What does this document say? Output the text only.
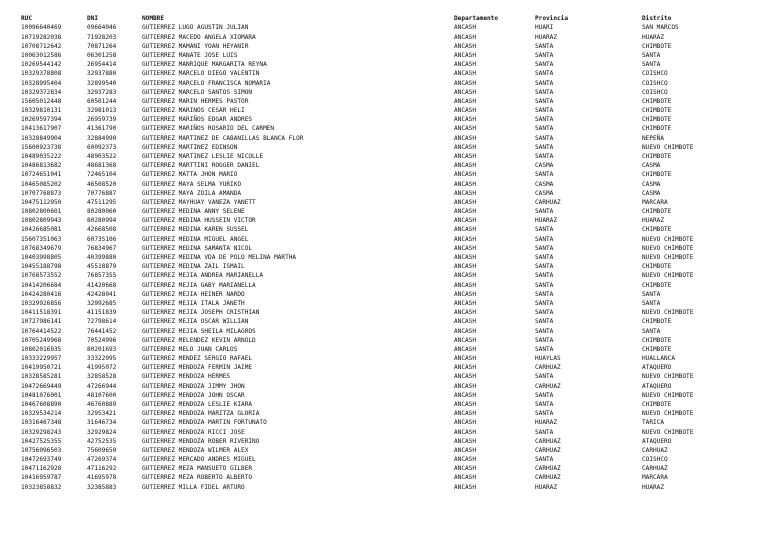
RUC	DNI	NOMBRE	Departamento	Provincia	Distrito
10096640469	09664046	GUTIERREZ LUGO AGUSTIN JULIAN	ANCASH	HUARI	SAN MARCOS
10719282038	71928203	GUTIERREZ MACEDO ANGELA XIOMARA	ANCASH	HUARAZ	HUARAZ
10708712642	70871264	GUTIERREZ MAMANI YOAN HEYANIR	ANCASH	SANTA	CHIMBOTE
10063012586	06301258	GUTIERREZ MANATE JOSE LUIS	ANCASH	SANTA	SANTA
10269544142	26954414	GUTIERREZ MANRIQUE MARGARITA REYNA	ANCASH	SANTA	SANTA
10329378808	32937880	GUTIERREZ MARCELO DIEGO VALENTIN	ANCASH	SANTA	COISHCO
10328995404	32899540	GUTIERREZ MARCELO FRANCISCA NOMARIA	ANCASH	SANTA	COISHCO
10329372834	32937283	GUTIERREZ MARCELO SANTOS SIMON	ANCASH	SANTA	COISHCO
15605012448	60501244	GUTIERREZ MARIN HERMES PASTOR	ANCASH	SANTA	CHIMBOTE
10329810131	32981013	GUTIERREZ MARINOS CESAR HELI	ANCASH	SANTA	CHIMBOTE
10269597394	26959739	GUTIERREZ MARIÑOS EDGAR ANDRES	ANCASH	SANTA	CHIMBOTE
10413617907	41361790	GUTIERREZ MARIÑOS ROSARIO DEL CARMEN	ANCASH	SANTA	CHIMBOTE
10328849904	32884990	GUTIERREZ MARTINEZ DE CABANILLAS BLANCA FLOR	ANCASH	SANTA	NEPEÑA
15600923738	60092373	GUTIERREZ MARTINEZ EDINSON	ANCASH	SANTA	NUEVO CHIMBOTE
10489035222	48903522	GUTIERREZ MARTINEZ LESLIE NICOLLE	ANCASH	SANTA	CHIMBOTE
10486813682	48681368	GUTIERREZ MARTTINI ROGGER DANIEL	ANCASH	CASMA	CASMA
10724651041	72465104	GUTIERREZ MATTA JHON MARIO	ANCASH	SANTA	CHIMBOTE
10465085202	46508520	GUTIERREZ MAYA SELMA YURIKO	ANCASH	CASMA	CASMA
10707768873	70776887	GUTIERREZ MAYA ZOILA AMANDA	ANCASH	CASMA	CASMA
10475112950	47511295	GUTIERREZ MAYHUAY VANEZA YANETT	ANCASH	CARHUAZ	MARCARA
10802800601	80280060	GUTIERREZ MEDINA ANNY SELENE	ANCASH	SANTA	CHIMBOTE
10802809943	80280994	GUTIERREZ MEDINA HUSSEIN VICTOR	ANCASH	HUARAZ	HUARAZ
10426685081	42668508	GUTIERREZ MEDINA KAREN SUSSEL	ANCASH	SANTA	CHIMBOTE
15607351063	60735106	GUTIERREZ MEDINA MIGUEL ANGEL	ANCASH	SANTA	NUEVO CHIMBOTE
10768349679	76834967	GUTIERREZ MEDINA SAMANTA NICOL	ANCASH	SANTA	NUEVO CHIMBOTE
10403998805	40399880	GUTIERREZ MEDINA VDA DE POLO MELINA MARTHA	ANCASH	SANTA	NUEVO CHIMBOTE
10455188798	45518879	GUTIERREZ MEDINA ZAIL ISMAIL	ANCASH	SANTA	CHIMBOTE
10768573552	76857355	GUTIERREZ MEJIA ANDREA MARIANELLA	ANCASH	SANTA	NUEVO CHIMBOTE
10414206684	41420668	GUTIERREZ MEJIA GABY MARIANELLA	ANCASH	SANTA	CHIMBOTE
10424280416	42428041	GUTIERREZ MEJIA HEINER NARDO	ANCASH	SANTA	SANTA
10329926856	32992685	GUTIERREZ MEJIA ITALA JANETH	ANCASH	SANTA	SANTA
10411518391	41151839	GUTIERREZ MEJIA JOSEPH CRISTHIAN	ANCASH	SANTA	NUEVO CHIMBOTE
10727986141	72798614	GUTIERREZ MEJIA OSCAR WILLIAN	ANCASH	SANTA	CHIMBOTE
10764414522	76441452	GUTIERREZ MEJIA SHEILA MILAGROS	ANCASH	SANTA	SANTA
10705249968	70524996	GUTIERREZ MELENDEZ KEVIN ARNOLD	ANCASH	SANTA	CHIMBOTE
10802016935	80201693	GUTIERREZ MELO JUAN CARLOS	ANCASH	SANTA	CHIMBOTE
10333229957	33322995	GUTIERREZ MENDEZ SERGIO RAFAEL	ANCASH	HUAYLAS	HUALLANCA
10419950721	41995072	GUTIERREZ MENDOZA FERMIN JAIME	ANCASH	CARHUAZ	ATAQUERO
10328585281	32858528	GUTIERREZ MENDOZA HERMES	ANCASH	SANTA	NUEVO CHIMBOTE
10472669449	47266944	GUTIERREZ MENDOZA JIMMY JHON	ANCASH	CARHUAZ	ATAQUERO
10481076001	48107600	GUTIERREZ MENDOZA JOHN OSCAR	ANCASH	SANTA	NUEVO CHIMBOTE
10467608890	46760889	GUTIERREZ MENDOZA LESLIE KIARA	ANCASH	SANTA	CHIMBOTE
10329534214	32953421	GUTIERREZ MENDOZA MARITZA GLORIA	ANCASH	SANTA	NUEVO CHIMBOTE
10316467348	31646734	GUTIERREZ MENDOZA MARTIN FORTUNATO	ANCASH	HUARAZ	TARICA
10329298243	32929824	GUTIERREZ MENDOZA RICCI JOSE	ANCASH	SANTA	NUEVO CHIMBOTE
10427525355	42752535	GUTIERREZ MENDOZA ROBER RIVERINO	ANCASH	CARHUAZ	ATAQUERO
10756096503	75609650	GUTIERREZ MENDOZA WILMER ALEX	ANCASH	CARHUAZ	CARHUAZ
10472693749	47269374	GUTIERREZ MERCADO ANDRES MIGUEL	ANCASH	SANTA	COISHCO
10471162928	47116292	GUTIERREZ MEZA MANSUETO GILBER	ANCASH	CARHUAZ	CARHUAZ
10416959787	41695978	GUTIERREZ MEZA ROBERTO ALBERTO	ANCASH	CARHUAZ	MARCARA
10323858832	32385883	GUTIERREZ MILLA FIDEL ARTURO	ANCASH	HUARAZ	HUARAZ
